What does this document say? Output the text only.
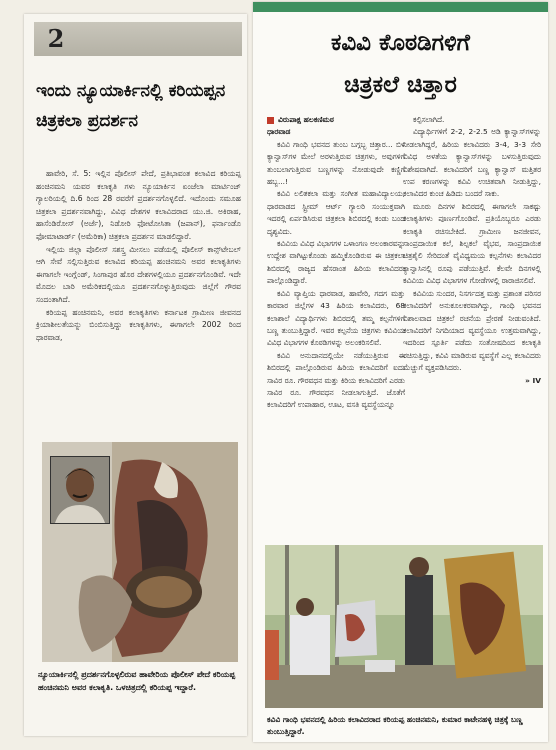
2
ಇಂದು ನ್ಯೂಯಾರ್ಕಿನಲ್ಲಿ ಕರಿಯಪ್ಪನ ಚಿತ್ರಕಲಾ ಪ್ರದರ್ಶನ

ಹಾವೇರಿ, ಸೆ. 5: ಇಲ್ಲಿನ ಪೊಲೀಸ್ ಪೇದೆ, ಪ್ರತಿಭಾವಂತ ಕಲಾವಿದ ಕರಿಯಪ್ಪ ಹಂಚಿನಮನಿ ಯವರ ಕಲಾಕೃತಿ ಗಳು ನ್ಯೂಯಾರ್ಕಿನ ಏಂಜೆಲಾ ಮಾರ್ಟಿಂಜ್ ಗ್ಯಾಲರಿಯಲ್ಲಿ ದಿ.6 ರಿಂದ 28 ರವರೆಗೆ ಪ್ರದರ್ಶನಗೊಳ್ಳಲಿದೆ. ಇದೊಂದು ಸಮೂಹ ಚಿತ್ರಕಲಾ ಪ್ರದರ್ಶನವಾಗಿದ್ದು, ವಿವಿಧ ದೇಶಗಳ ಕಲಾವಿದರಾದ ಯು.ಜಿ. ಅಕಿರಾಹ, ಹಾಸೆಂಡಿರೋಸ್ (ಅರ್ಜೆ), ನಿಡೋರಿ ಫೋಟೋಸಿತಾ (ಜಪಾನ್), ಫರ್ನಾಂಡೊ ಫೋಮಾಟಾರ್ಡ್ (ಅಮೆರಿಕಾ) ಚಿತ್ರಕಲಾ ಪ್ರದರ್ಶನ ಮಾಡಲಿದ್ದಾರೆ.

ಇಲ್ಲಿಯ ಜಿಲ್ಲಾ ಪೊಲೀಸ್ ಸಶಸ್ತ್ರ ಮೀಸಲು ಪಡೆಯಲ್ಲಿ ಪೊಲೀಸ್ ಕಾನ್ಸ್‌ಟೇಬಲ್ ಆಗಿ ಸೇವೆ ಸಲ್ಲಿಸುತ್ತಿರುವ ಕಲಾವಿದ ಕರಿಯಪ್ಪ ಹಂಚಿನಮನಿ ಅವರ ಕಲಾಕೃತಿಗಳು ಈಗಾಗಲೇ ಇಂಗ್ಲೆಂಡ್, ಸಿಂಗಾಪುರ ಹೊರ ದೇಶಗಳಲ್ಲಿಯೂ ಪ್ರದರ್ಶನಗೊಂಡಿವೆ. ಇದೇ ಮೊದಲ ಬಾರಿ ಅಮೆರಿಕದಲ್ಲಿಯೂ ಪ್ರದರ್ಶನಗೊಳ್ಳುತ್ತಿರುವುದು ಜಿಲ್ಲೆಗೆ ಗೌರವ ಸಂದಂತಾಗಿದೆ.

ಕರಿಯಪ್ಪ ಹಂಚಿನಮನಿ, ಅವರ ಕಲಾಕೃತಿಗಳು ಕರ್ನಾಟಕ ಗ್ರಾಮೀಣ ಜೀವನದ ಕ್ರಿಯಾಶೀಲತೆಯನ್ನು ಬಿಂಬಿಸುತ್ತಿದ್ದು ಕಲಾಕೃತಿಗಳು, ಈಗಾಗಲೇ 2002 ರಿಂದ ಧಾರವಾಡ,

ನ್ಯೂಯಾರ್ಕಿನಲ್ಲಿ ಪ್ರದರ್ಶನಗೊಳ್ಳಲಿರುವ ಹಾವೇರಿಯ ಪೊಲೀಸ್ ಪೇದೆ ಕರಿಯಪ್ಪ ಹಂಚಿನಮನಿ ಅವರ ಕಲಾಕೃತಿ. ಒಳಚಿತ್ರದಲ್ಲಿ ಕರಿಯಪ್ಪ ಇದ್ದಾರೆ.
ಕವಿವಿ ಕೊಠಡಿಗಳಿಗೆ
ಚಿತ್ರಕಲೆ ಚಿತ್ತಾರ
ವಿರುಪಾಕ್ಷ ಹಲಕಣಿಮಠ
ಧಾರವಾಡ

ಕವಿವಿ ಗಾಂಧಿ ಭವನದ ತುಂಬ ಬಗ್ಗಬ್ಬ ಚಿತ್ತಾರ... ಬಿಳಿ ಕ್ಯಾನ್ವಾಸ್‌ಗಳ ಮೇಲೆ ಅರಳುತ್ತಿರುವ ಚಿತ್ರಗಳು, ಅವುಗಳಿಗೆ ತುಂಬಲಾಗುತ್ತಿರುವ ಬಣ್ಣಗಳನ್ನು ನೋಡುವುದೇ ಕಣ್ಣಿಗೆ ಹಬ್ಬ...!

ಕವಿವಿ ಲಲಿತಕಲಾ ಮತ್ತು ಸಂಗೀತ ಮಹಾವಿದ್ಯಾಲಯ, ಧಾರವಾಡದ ಸ್ಟ್ರೀಮ್ ಆರ್ಟ್ ಗ್ಯಾಲರಿ ಸಂಯುಕ್ತವಾಗಿ ಇದರಲ್ಲಿ ಏರ್ಪಡಿಸಿರುವ ಚಿತ್ರಕಲಾ ಶಿಬಿರದಲ್ಲಿ ಕಂಡು ಬಂದ ದೃಶ್ಯವಿದು.

ಕವಿವಿಯ ವಿವಿಧ ವಿಭಾಗಗಳ ಒಳಾಂಗಣ ಅಲಂಕಾರವನ್ನು ಉದ್ದೇಶ ವಾಗಿಟ್ಟುಕೊಂಡು ಹಮ್ಮಿಕೊಂಡಿರುವ ಈ ಚಿತ್ರಕಲಾ ಶಿಬಿರದಲ್ಲಿ ರಾಜ್ಯದ ಹೆಸರಾಂತ ಹಿರಿಯ ಕಲಾವಿದರು ಪಾಲ್ಗೊಂಡಿದ್ದಾರೆ.

ಕವಿವಿ ವ್ಯಾಪ್ತಿಯ ಧಾರವಾಡ, ಹಾವೇರಿ, ಗದಗ ಮತ್ತು ಕಾರವಾರ ಜಿಲ್ಲೆಗಳ 43 ಹಿರಿಯ ಕಲಾವಿದರು, 68 ಕಲಾಶಾಲೆ ವಿದ್ಯಾರ್ಥಿಗಳು ಶಿಬಿರದಲ್ಲಿ ತಮ್ಮ ಕಲ್ಪನೆಗಳಿಗೆ ಬಣ್ಣ ತುಂಬುತ್ತಿದ್ದಾರೆ. ಇವರ ಕಲ್ಪನೆಯ ಚಿತ್ರಗಳು ಕವಿವಿಯ ವಿವಿಧ ವಿಭಾಗಗಳ ಕೊಠಡಿಗಳನ್ನು ಅಲಂಕರಿಸಲಿವೆ.

ಕವಿವಿ ಅನುದಾನದಲ್ಲಿಯೇ ನಡೆಯುತ್ತಿರುವ ಈ ಶಿಬಿರದಲ್ಲಿ ಪಾಲ್ಗೊಂಡಿರುವ ಹಿರಿಯ ಕಲಾವಿದರಿಗೆ ಐದು ಸಾವಿರ ರೂ. ಗೌರವಧನ ಮತ್ತು ಕಿರಿಯ ಕಲಾವಿದರಿಗೆ ಎರಡು ಸಾವಿರ ರೂ. ಗೌರವಧನ ನೀಡಲಾಗುತ್ತಿದೆ. ಜೊತೆಗೆ ಕಲಾವಿದರಿಗೆ ಉಪಾಹಾರ, ಊಟ, ವಸತಿ ವ್ಯವಸ್ಥೆಯನ್ನೂ

ಕಲ್ಪಿಸಲಾಗಿದೆ.

ವಿದ್ಯಾರ್ಥಿಗಳಿಗೆ 2-2, 2-2.5 ಅಡಿ ಕ್ಯಾನ್ವಾಸ್‌ಗಳನ್ನು ನೀಡಲಾಗಿದ್ದರೆ, ಹಿರಿಯ ಕಲಾವಿದರು 3-4, 3-3 ಸೇರಿ ವಿವಿಧ ಅಳತೆಯ ಕ್ಯಾನ್ವಾಸ್‌ಗಳನ್ನು ಬಳಸುತ್ತಿರುವುದು ವಿಶೇಷವಾಗಿದೆ. ಕಲಾವಿದರಿಗೆ ಬಣ್ಣ ಕ್ಯಾನ್ವಾಸ್ ಮತ್ತಿತರ ಉಪ ಕರಣಗಳನ್ನು ಕವಿವಿ ಉಚಿತವಾಗಿ ನೀಡುತ್ತಿದ್ದು, ಕಲಾವಿದರ ಕುಂಚ ಹಿಡಿದು ಬಂದರೆ ಸಾಕು.

ಮೂರು ದಿನಗಳ ಶಿಬಿರದಲ್ಲಿ ಈಗಾಗಲೇ ಸಾಕಷ್ಟು ಕಲಾಕೃತಿಗಳು ಪೂರ್ಣಗೊಂಡಿವೆ. ಪ್ರತಿಯೊಬ್ಬರೂ ಎರಡು ಕಲಾಕೃತಿ ರಚಿಸಬೇಕಿದೆ. ಗ್ರಾಮೀಣ ಜನಜೀವನ, ಸಾಂಪ್ರದಾಯಿಕ ಕಲೆ, ಶಿಲ್ಪಕಲೆ ವೈಭವ, ಸಾಂಪ್ರದಾಯಿಕ ಚಿತ್ರಶೈಲಿ ಸೇರಿದಂತೆ ವೈವಿಧ್ಯಮಯ ಕಲ್ಪನೆಗಳು ಕಲಾವಿದರ ಕ್ಯಾನ್ವಾಸಿನಲ್ಲಿ ರೂಪು ಪಡೆಯುತ್ತಿವೆ. ಕೆಲವೇ ದಿನಗಳಲ್ಲಿ ಕವಿವಿಯ ವಿವಿಧ ವಿಭಾಗಗಳ ಗೋಡೆಗಳಲ್ಲಿ ರಾರಾಜಿಸಲಿವೆ.

ಕವಿವಿಯ ಸುಂದರ, ನಿಸರ್ಗದತ್ತ ಮತ್ತು ಪ್ರಶಾಂತ ಪರಿಸರ ಕಲಾವಿದರಿಗೆ ಅನುಕೂಲಕರವಾಗಿದ್ದು, ಗಾಂಧಿ ಭವನದ ವಿಶಾಲವಾದ ಚಿತ್ರಕಲೆ ರಚನೆಯ ಪ್ರೇರಣೆ ನೀಡುವಂತಿದೆ. ಕಲಾವಿದರಿಗೆ ನಿಗದಿಯಾದ ವ್ಯವಸ್ಥೆಯೂ ಉತ್ತಮವಾಗಿದ್ದು, ಇದರಿಂದ ಸ್ಪೂರ್ತಿ ಪಡೆದು ಸಂತೋಷದಿಂದ ಕಲಾಕೃತಿ ರಚಿಸುತ್ತಿದ್ದು, ಕವಿವಿ ಮಾಡಿರುವ ವ್ಯವಸ್ಥೆಗೆ ಎಲ್ಲ ಕಲಾವಿದರು ಮೆಚ್ಚುಗೆ ವ್ಯಕ್ತಪಡಿಸಿದರು.

» IV
ಕವಿವಿ ಗಾಂಧಿ ಭವನದಲ್ಲಿ ಹಿರಿಯ ಕಲಾವಿದರಾದ ಕರಿಯಪ್ಪ ಹಂಚಿನಮನಿ, ಕುಮಾರ ಕಾಟೇನಹಳ್ಳಿ ಚಿತ್ರಕ್ಕೆ ಬಣ್ಣ ತುಂಬುತ್ತಿದ್ದಾರೆ.
